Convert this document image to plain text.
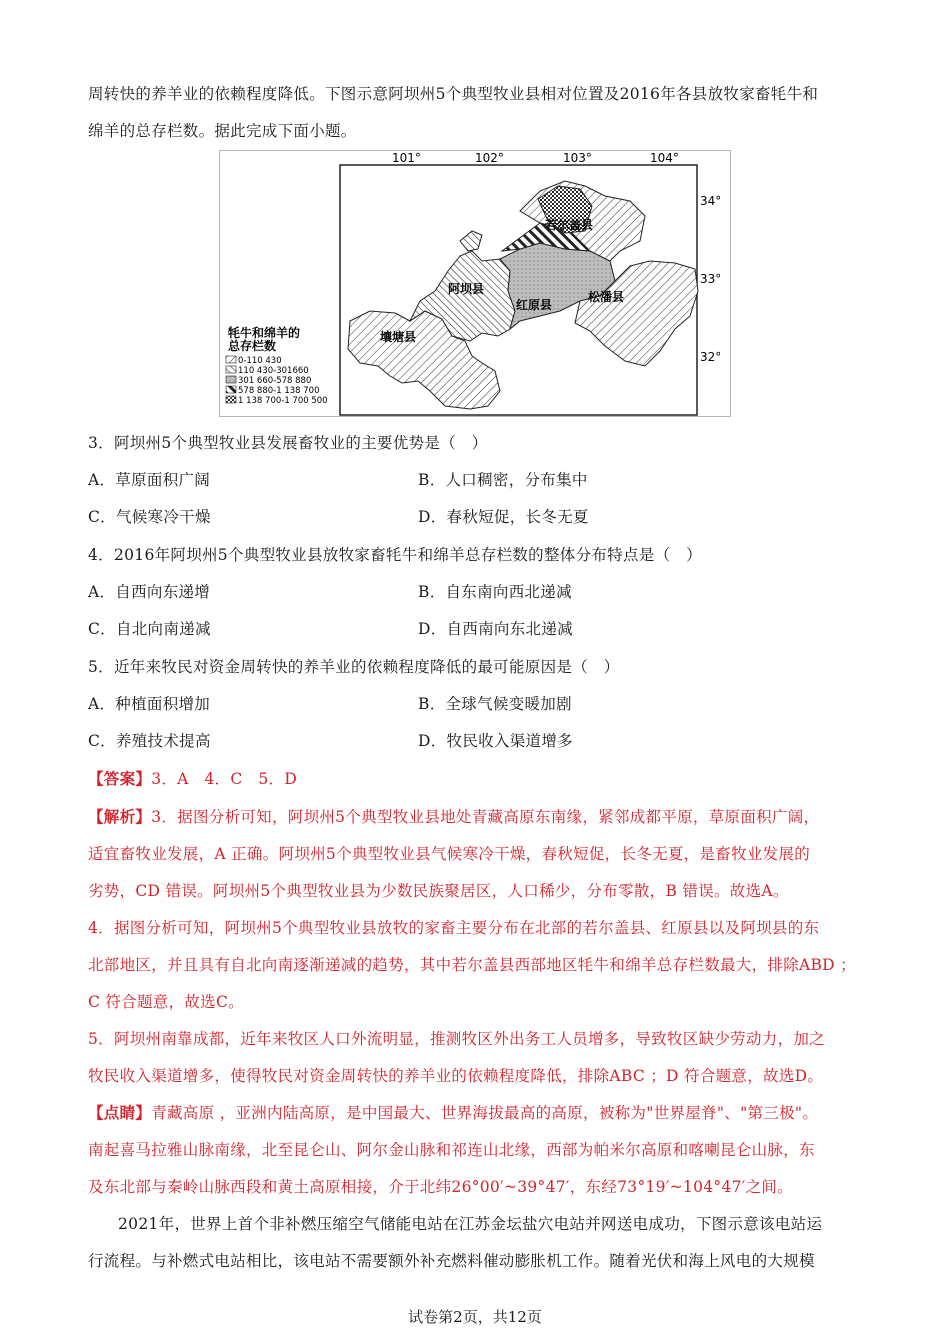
周转快的养羊业的依赖程度降低。下图示意阿坝州5个典型牧业县相对位置及2016年各县放牧家畜牦牛和
绵羊的总存栏数。据此完成下面小题。
101°	102°	103°	104°
34°
33°
32°
若尔盖县
阿坝县
红原县
松潘县
壤塘县
牦牛和绵羊的
总存栏数
0-110 430
110 430-301660
301 660-578 880
578 880-1 138 700
1 138 700-1 700 500
3．阿坝州5个典型牧业县发展畜牧业的主要优势是（　）
A．草原面积广阔	B．人口稠密，分布集中
C．气候寒冷干燥	D．春秋短促，长冬无夏
4．2016年阿坝州5个典型牧业县放牧家畜牦牛和绵羊总存栏数的整体分布特点是（　）
A．自西向东递增	B．自东南向西北递减
C．自北向南递减	D．自西南向东北递减
5．近年来牧民对资金周转快的养羊业的依赖程度降低的最可能原因是（　）
A．种植面积增加	B．全球气候变暖加剧
C．养殖技术提高	D．牧民收入渠道增多
【答案】3．A　4．C　5．D
【解析】3．据图分析可知，阿坝州5个典型牧业县地处青藏高原东南缘，紧邻成都平原，草原面积广阔，
适宜畜牧业发展，A 正确。阿坝州5个典型牧业县气候寒冷干燥，春秋短促，长冬无夏，是畜牧业发展的
劣势，CD 错误。阿坝州5个典型牧业县为少数民族聚居区，人口稀少，分布零散，B 错误。故选A。
4．据图分析可知，阿坝州5个典型牧业县放牧的家畜主要分布在北部的若尔盖县、红原县以及阿坝县的东
北部地区，并且具有自北向南逐渐递减的趋势，其中若尔盖县西部地区牦牛和绵羊总存栏数最大，排除ABD ；
C 符合题意，故选C。
5．阿坝州南靠成都，近年来牧区人口外流明显，推测牧区外出务工人员增多，导致牧区缺少劳动力，加之
牧民收入渠道增多，使得牧民对资金周转快的养羊业的依赖程度降低，排除ABC ；D 符合题意，故选D。
【点睛】青藏高原 ，亚洲内陆高原，是中国最大、世界海拔最高的高原，被称为"世界屋脊"、"第三极"。
南起喜马拉雅山脉南缘，北至昆仑山、阿尔金山脉和祁连山北缘，西部为帕米尔高原和喀喇昆仑山脉，东
及东北部与秦岭山脉西段和黄土高原相接，介于北纬26°00′~39°47′，东经73°19′~104°47′之间。
2021年，世界上首个非补燃压缩空气储能电站在江苏金坛盐穴电站并网送电成功，下图示意该电站运
行流程。与补燃式电站相比，该电站不需要额外补充燃料催动膨胀机工作。随着光伏和海上风电的大规模
试卷第2页，共12页
